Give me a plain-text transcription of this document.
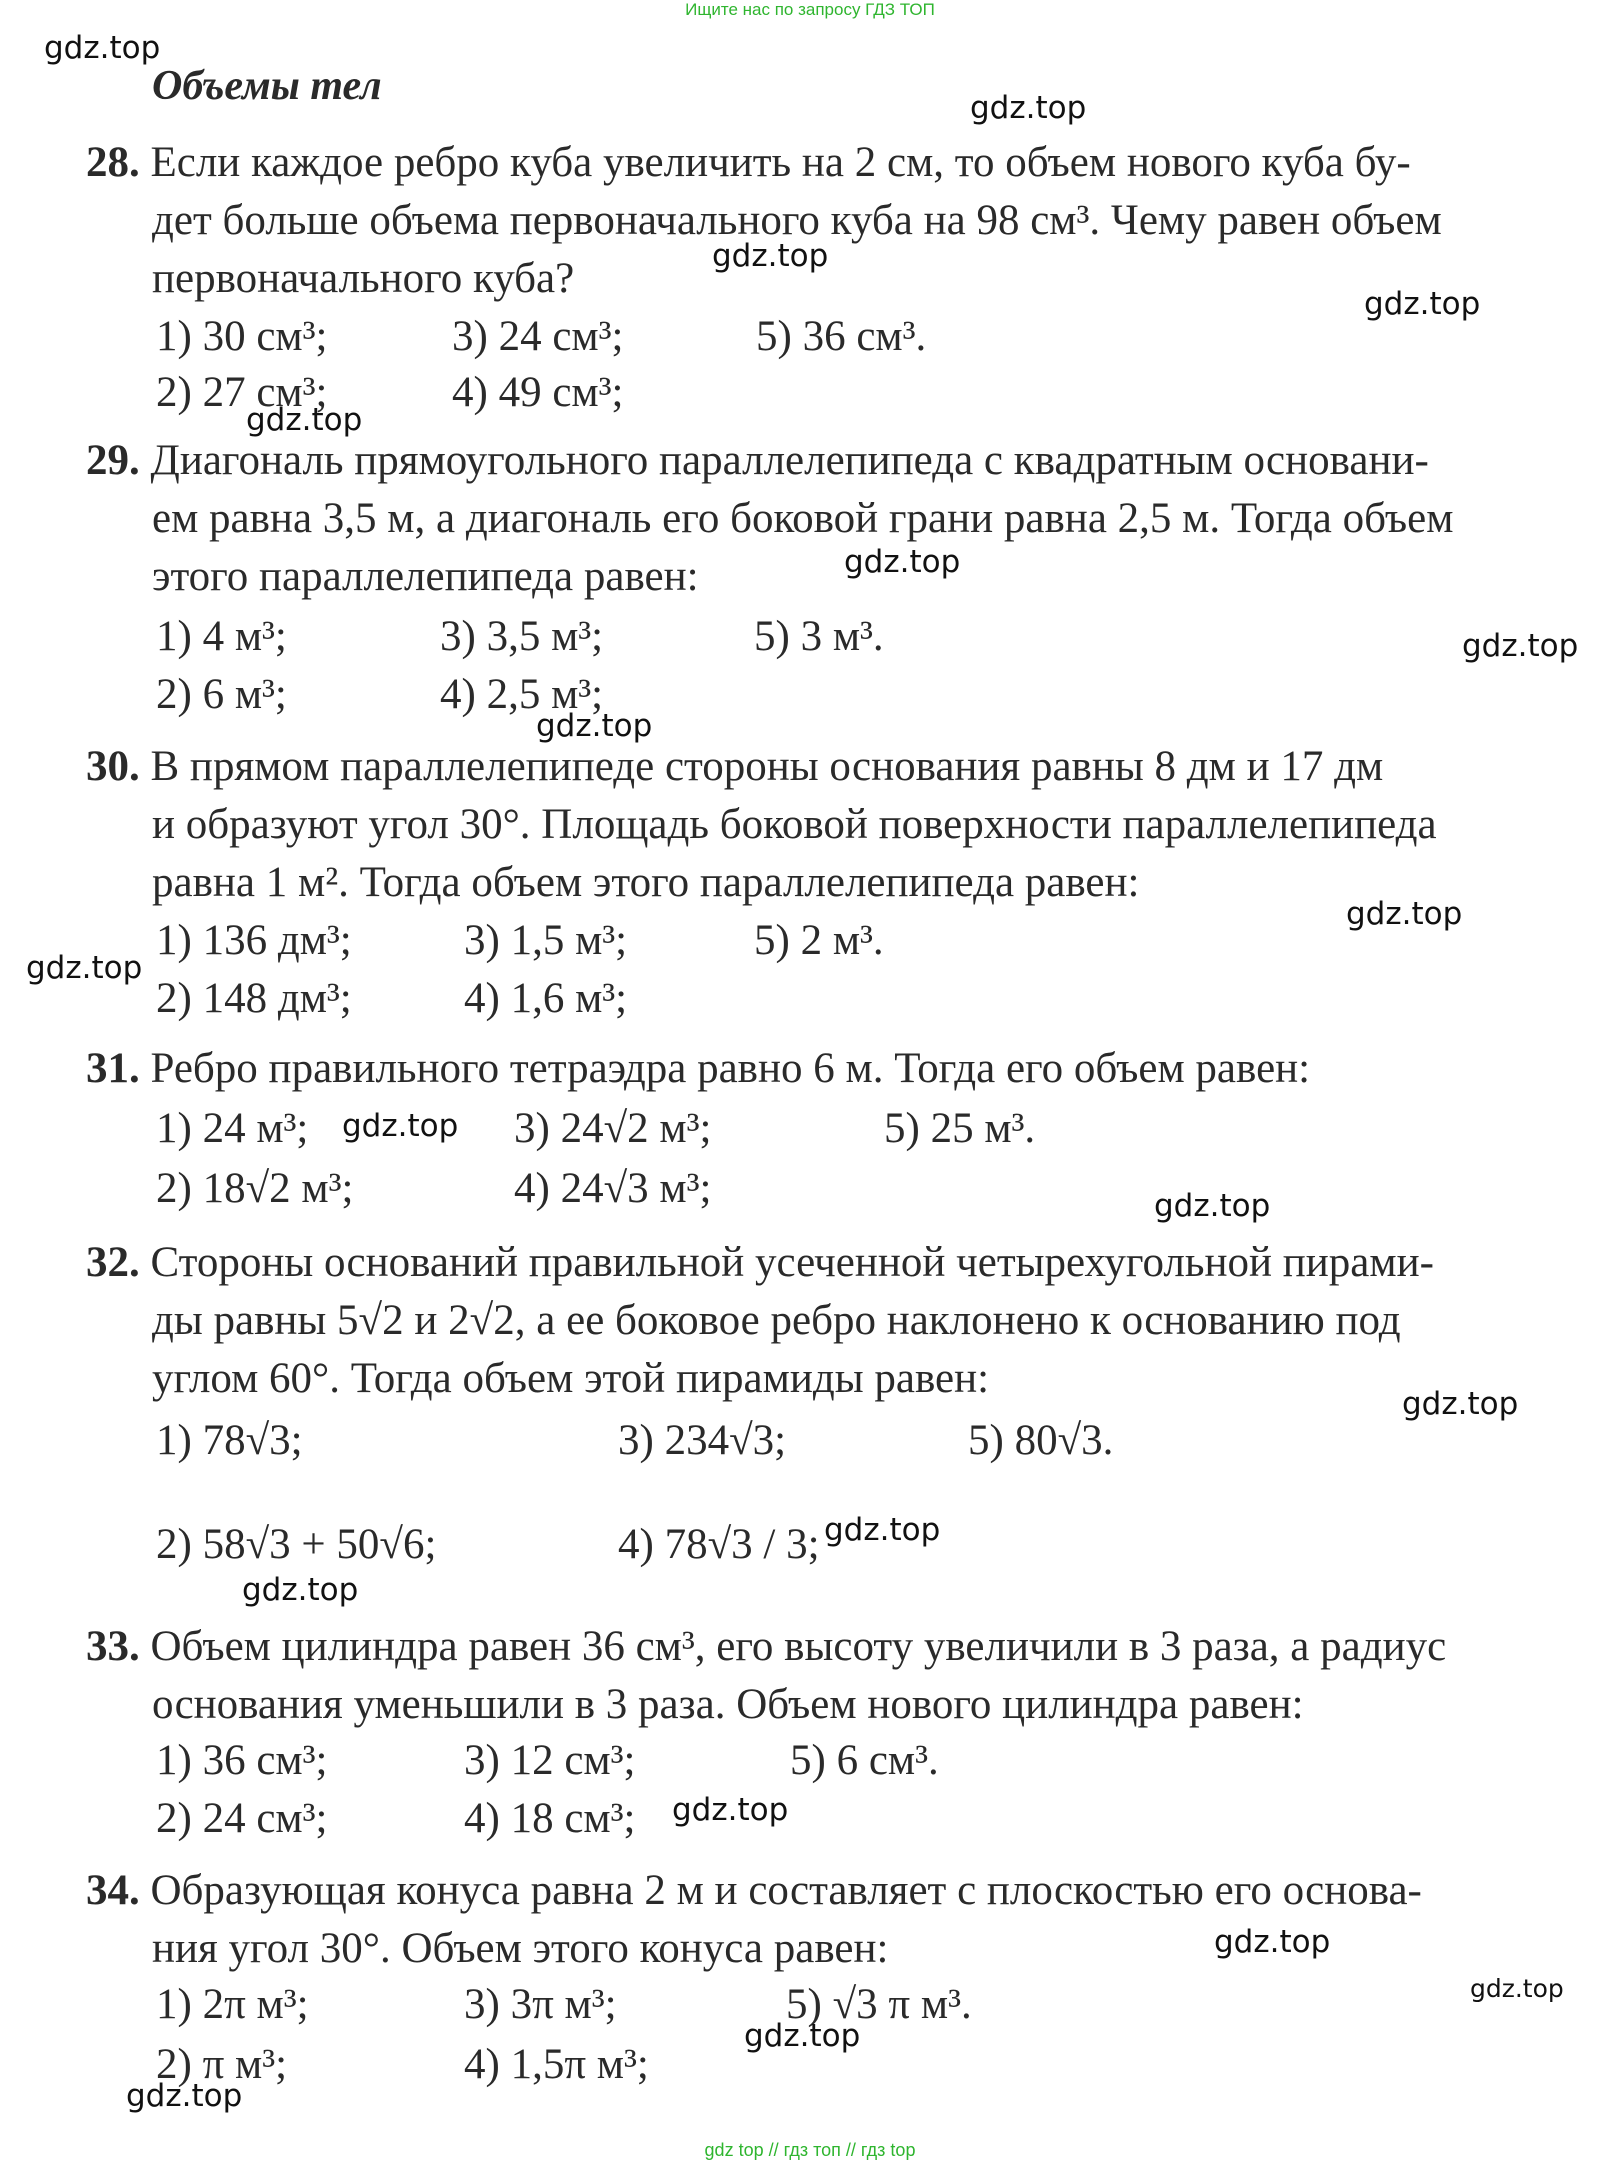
Ищите нас по запросу ГДЗ ТОП
Объемы тел
28. Если каждое ребро куба увеличить на 2 см, то объем нового куба бу-
дет больше объема первоначального куба на 98 см³. Чему равен объем
первоначального куба?
1) 30 см³;	3) 24 см³;	5) 36 см³.
2) 27 см³;	4) 49 см³;
29. Диагональ прямоугольного параллелепипеда с квадратным основани-
ем равна 3,5 м, а диагональ его боковой грани равна 2,5 м. Тогда объем
этого параллелепипеда равен:
1) 4 м³;	3) 3,5 м³;	5) 3 м³.
2) 6 м³;	4) 2,5 м³;
30. В прямом параллелепипеде стороны основания равны 8 дм и 17 дм
и образуют угол 30°. Площадь боковой поверхности параллелепипеда
равна 1 м². Тогда объем этого параллелепипеда равен:
1) 136 дм³;	3) 1,5 м³;	5) 2 м³.
2) 148 дм³;	4) 1,6 м³;
31. Ребро правильного тетраэдра равно 6 м. Тогда его объем равен:
1) 24 м³;	3) 24√2 м³;	5) 25 м³.
2) 18√2 м³;	4) 24√3 м³;
32. Стороны оснований правильной усеченной четырехугольной пирами-
ды равны 5√2 и 2√2, а ее боковое ребро наклонено к основанию под
углом 60°. Тогда объем этой пирамиды равен:
1) 78√3;	3) 234√3;	5) 80√3.
2) 58√3 + 50√6;	4) 78√3 / 3;
33. Объем цилиндра равен 36 см³, его высоту увеличили в 3 раза, а радиус
основания уменьшили в 3 раза. Объем нового цилиндра равен:
1) 36 см³;	3) 12 см³;	5) 6 см³.
2) 24 см³;	4) 18 см³;
34. Образующая конуса равна 2 м и составляет с плоскостью его основа-
ния угол 30°. Объем этого конуса равен:
1) 2π м³;	3) 3π м³;	5) √3 π м³.
2) π м³;	4) 1,5π м³;
gdz.top
gdz.top
gdz.top
gdz.top
gdz.top
gdz.top
gdz.top
gdz.top
gdz.top
gdz.top
gdz.top
gdz.top
gdz.top
gdz.top
gdz.top
gdz.top
gdz.top
gdz.top
gdz.top
gdz.top
gdz top // гдз топ // гдз top
